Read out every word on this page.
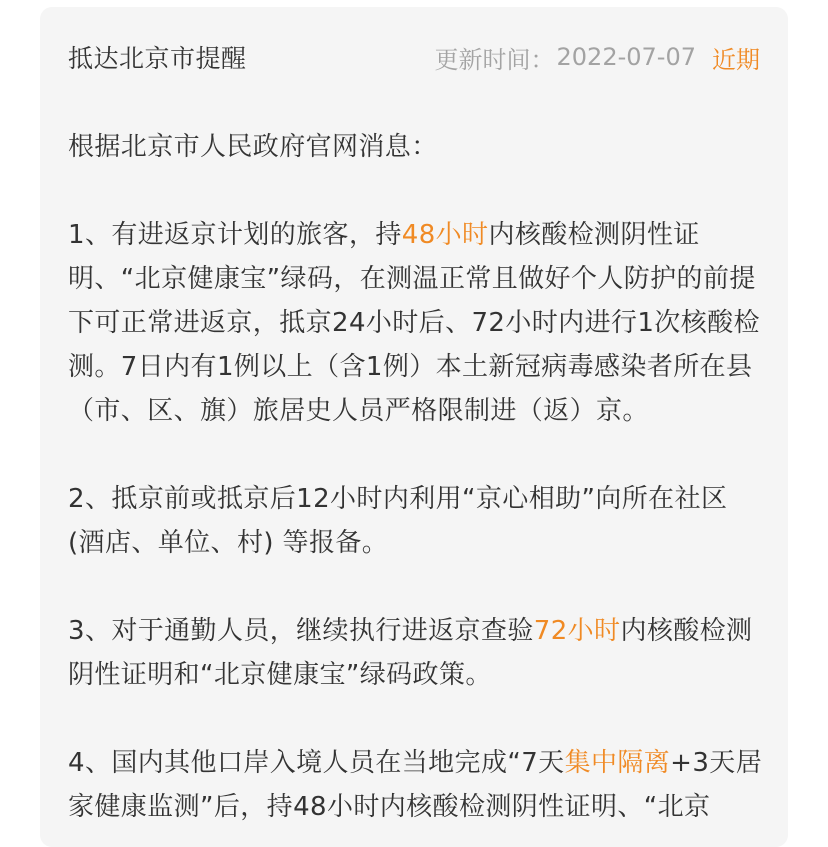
抵达北京市提醒	更新时间： 2022-07-07 近期

根据北京市人民政府官网消息：

1、有进返京计划的旅客，持48小时内核酸检测阴性证明、“北京健康宝”绿码，在测温正常且做好个人防护的前提下可正常进返京，抵京24小时后、72小时内进行1次核酸检测。7日内有1例以上（含1例）本土新冠病毒感染者所在县（市、区、旗）旅居史人员严格限制进（返）京。

2、抵京前或抵京后12小时内利用“京心相助”向所在社区(酒店、单位、村) 等报备。

3、对于通勤人员，继续执行进返京查验72小时内核酸检测阴性证明和“北京健康宝”绿码政策。

4、国内其他口岸入境人员在当地完成“7天集中隔离+3天居家健康监测”后，持48小时内核酸检测阴性证明、“北京
